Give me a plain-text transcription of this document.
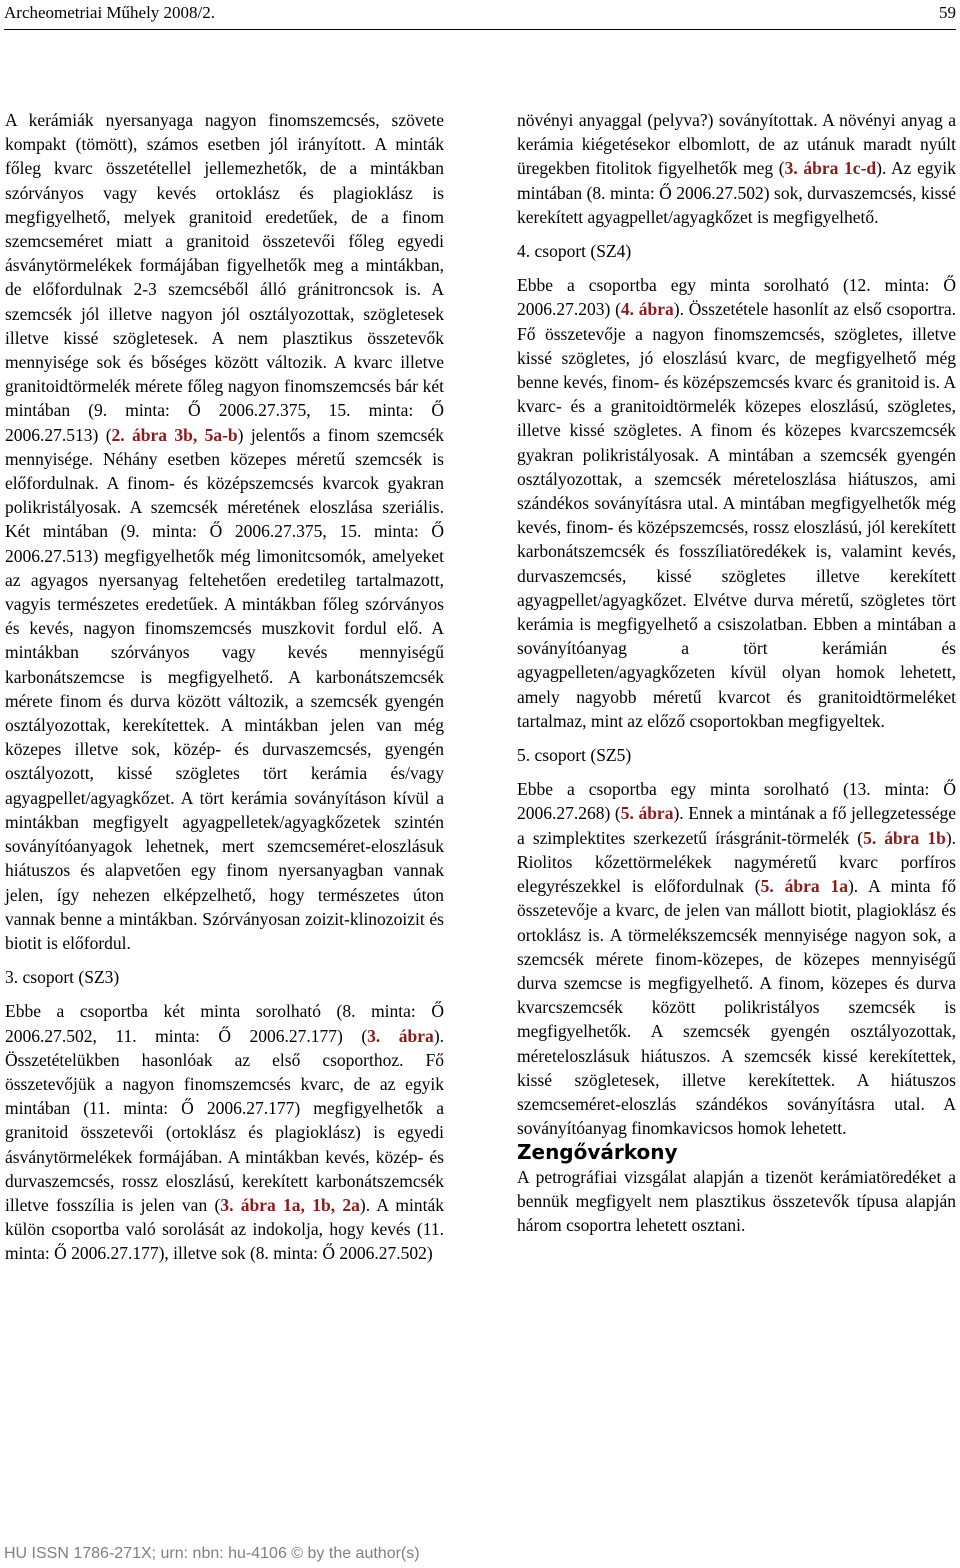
Archeometriai Műhely 2008/2.	59

A kerámiák nyersanyaga nagyon finomszemcsés, szövete kompakt (tömött), számos esetben jól irányított. A minták főleg kvarc összetétellel jellemezhetők, de a mintákban szórványos vagy kevés ortoklász és plagioklász is megfigyelhető, melyek granitoid eredetűek, de a finom szemcseméret miatt a granitoid összetevői főleg egyedi ásványtörmelékek formájában figyelhetők meg a mintákban, de előfordulnak 2-3 szemcséből álló gránitroncsok is. A szemcsék jól illetve nagyon jól osztályozottak, szögletesek illetve kissé szögletesek. A nem plasztikus összetevők mennyisége sok és bőséges között változik. A kvarc illetve granitoidtörmelék mérete főleg nagyon finomszemcsés bár két mintában (9. minta: Ő 2006.27.375, 15. minta: Ő 2006.27.513) (2. ábra 3b, 5a-b) jelentős a finom szemcsék mennyisége. Néhány esetben közepes méretű szemcsék is előfordulnak. A finom- és középszemcsés kvarcok gyakran polikristályosak. A szemcsék méretének eloszlása szeriális. Két mintában (9. minta: Ő 2006.27.375, 15. minta: Ő 2006.27.513) megfigyelhetők még limonitcsomók, amelyeket az agyagos nyersanyag feltehetően eredetileg tartalmazott, vagyis természetes eredetűek. A mintákban főleg szórványos és kevés, nagyon finomszemcsés muszkovit fordul elő. A mintákban szórványos vagy kevés mennyiségű karbonátszemcse is megfigyelhető. A karbonátszemcsék mérete finom és durva között változik, a szemcsék gyengén osztályozottak, kerekítettek. A mintákban jelen van még közepes illetve sok, közép- és durvaszemcsés, gyengén osztályozott, kissé szögletes tört kerámia és/vagy agyagpellet/agyagkőzet. A tört kerámia soványításon kívül a mintákban megfigyelt agyagpelletek/agyagkőzetek szintén soványítóanyagok lehetnek, mert szemcseméret-eloszlásuk hiátuszos és alapvetően egy finom nyersanyagban vannak jelen, így nehezen elképzelhető, hogy természetes úton vannak benne a mintákban. Szórványosan zoizit-klinozoizit és biotit is előfordul.

3. csoport (SZ3)

Ebbe a csoportba két minta sorolható (8. minta: Ő 2006.27.502, 11. minta: Ő 2006.27.177) (3. ábra). Összetételükben hasonlóak az első csoporthoz. Fő összetevőjük a nagyon finomszemcsés kvarc, de az egyik mintában (11. minta: Ő 2006.27.177) megfigyelhetők a granitoid összetevői (ortoklász és plagioklász) is egyedi ásványtörmelékek formájában. A mintákban kevés, közép- és durvaszemcsés, rossz eloszlású, kerekített karbonátszemcsék illetve fosszília is jelen van (3. ábra 1a, 1b, 2a). A minták külön csoportba való sorolását az indokolja, hogy kevés (11. minta: Ő 2006.27.177), illetve sok (8. minta: Ő 2006.27.502)

növényi anyaggal (pelyva?) soványítottak. A növényi anyag a kerámia kiégetésekor elbomlott, de az utánuk maradt nyúlt üregekben fitolitok figyelhetők meg (3. ábra 1c-d). Az egyik mintában (8. minta: Ő 2006.27.502) sok, durvaszemcsés, kissé kerekített agyagpellet/agyagkőzet is megfigyelhető.

4. csoport (SZ4)

Ebbe a csoportba egy minta sorolható (12. minta: Ő 2006.27.203) (4. ábra). Összetétele hasonlít az első csoportra. Fő összetevője a nagyon finomszemcsés, szögletes, illetve kissé szögletes, jó eloszlású kvarc, de megfigyelhető még benne kevés, finom- és középszemcsés kvarc és granitoid is. A kvarc- és a granitoidtörmelék közepes eloszlású, szögletes, illetve kissé szögletes. A finom és közepes kvarcszemcsék gyakran polikristályosak. A mintában a szemcsék gyengén osztályozottak, a szemcsék méreteloszlása hiátuszos, ami szándékos soványításra utal. A mintában megfigyelhetők még kevés, finom- és középszemcsés, rossz eloszlású, jól kerekített karbonátszemcsék és fosszíliatöredékek is, valamint kevés, durvaszemcsés, kissé szögletes illetve kerekített agyagpellet/agyagkőzet. Elvétve durva méretű, szögletes tört kerámia is megfigyelhető a csiszolatban. Ebben a mintában a soványítóanyag a tört kerámián és agyagpelleten/agyagkőzeten kívül olyan homok lehetett, amely nagyobb méretű kvarcot és granitoidtörmeléket tartalmaz, mint az előző csoportokban megfigyeltek.

5. csoport (SZ5)

Ebbe a csoportba egy minta sorolható (13. minta: Ő 2006.27.268) (5. ábra). Ennek a mintának a fő jellegzetessége a szimplektites szerkezetű írásgránit-törmelék (5. ábra 1b). Riolitos kőzettörmelékek nagyméretű kvarc porfíros elegyrészekkel is előfordulnak (5. ábra 1a). A minta fő összetevője a kvarc, de jelen van mállott biotit, plagioklász és ortoklász is. A törmelékszemcsék mennyisége nagyon sok, a szemcsék mérete finom-közepes, de közepes mennyiségű durva szemcse is megfigyelhető. A finom, közepes és durva kvarcszemcsék között polikristályos szemcsék is megfigyelhetők. A szemcsék gyengén osztályozottak, méreteloszlásuk hiátuszos. A szemcsék kissé kerekítettek, kissé szögletesek, illetve kerekítettek. A hiátuszos szemcseméret-eloszlás szándékos soványításra utal. A soványítóanyag finomkavicsos homok lehetett.

Zengővárkony

A petrográfiai vizsgálat alapján a tizenöt kerámiatöredéket a bennük megfigyelt nem plasztikus összetevők típusa alapján három csoportra lehetett osztani.

HU ISSN 1786-271X; urn: nbn: hu-4106 © by the author(s)
